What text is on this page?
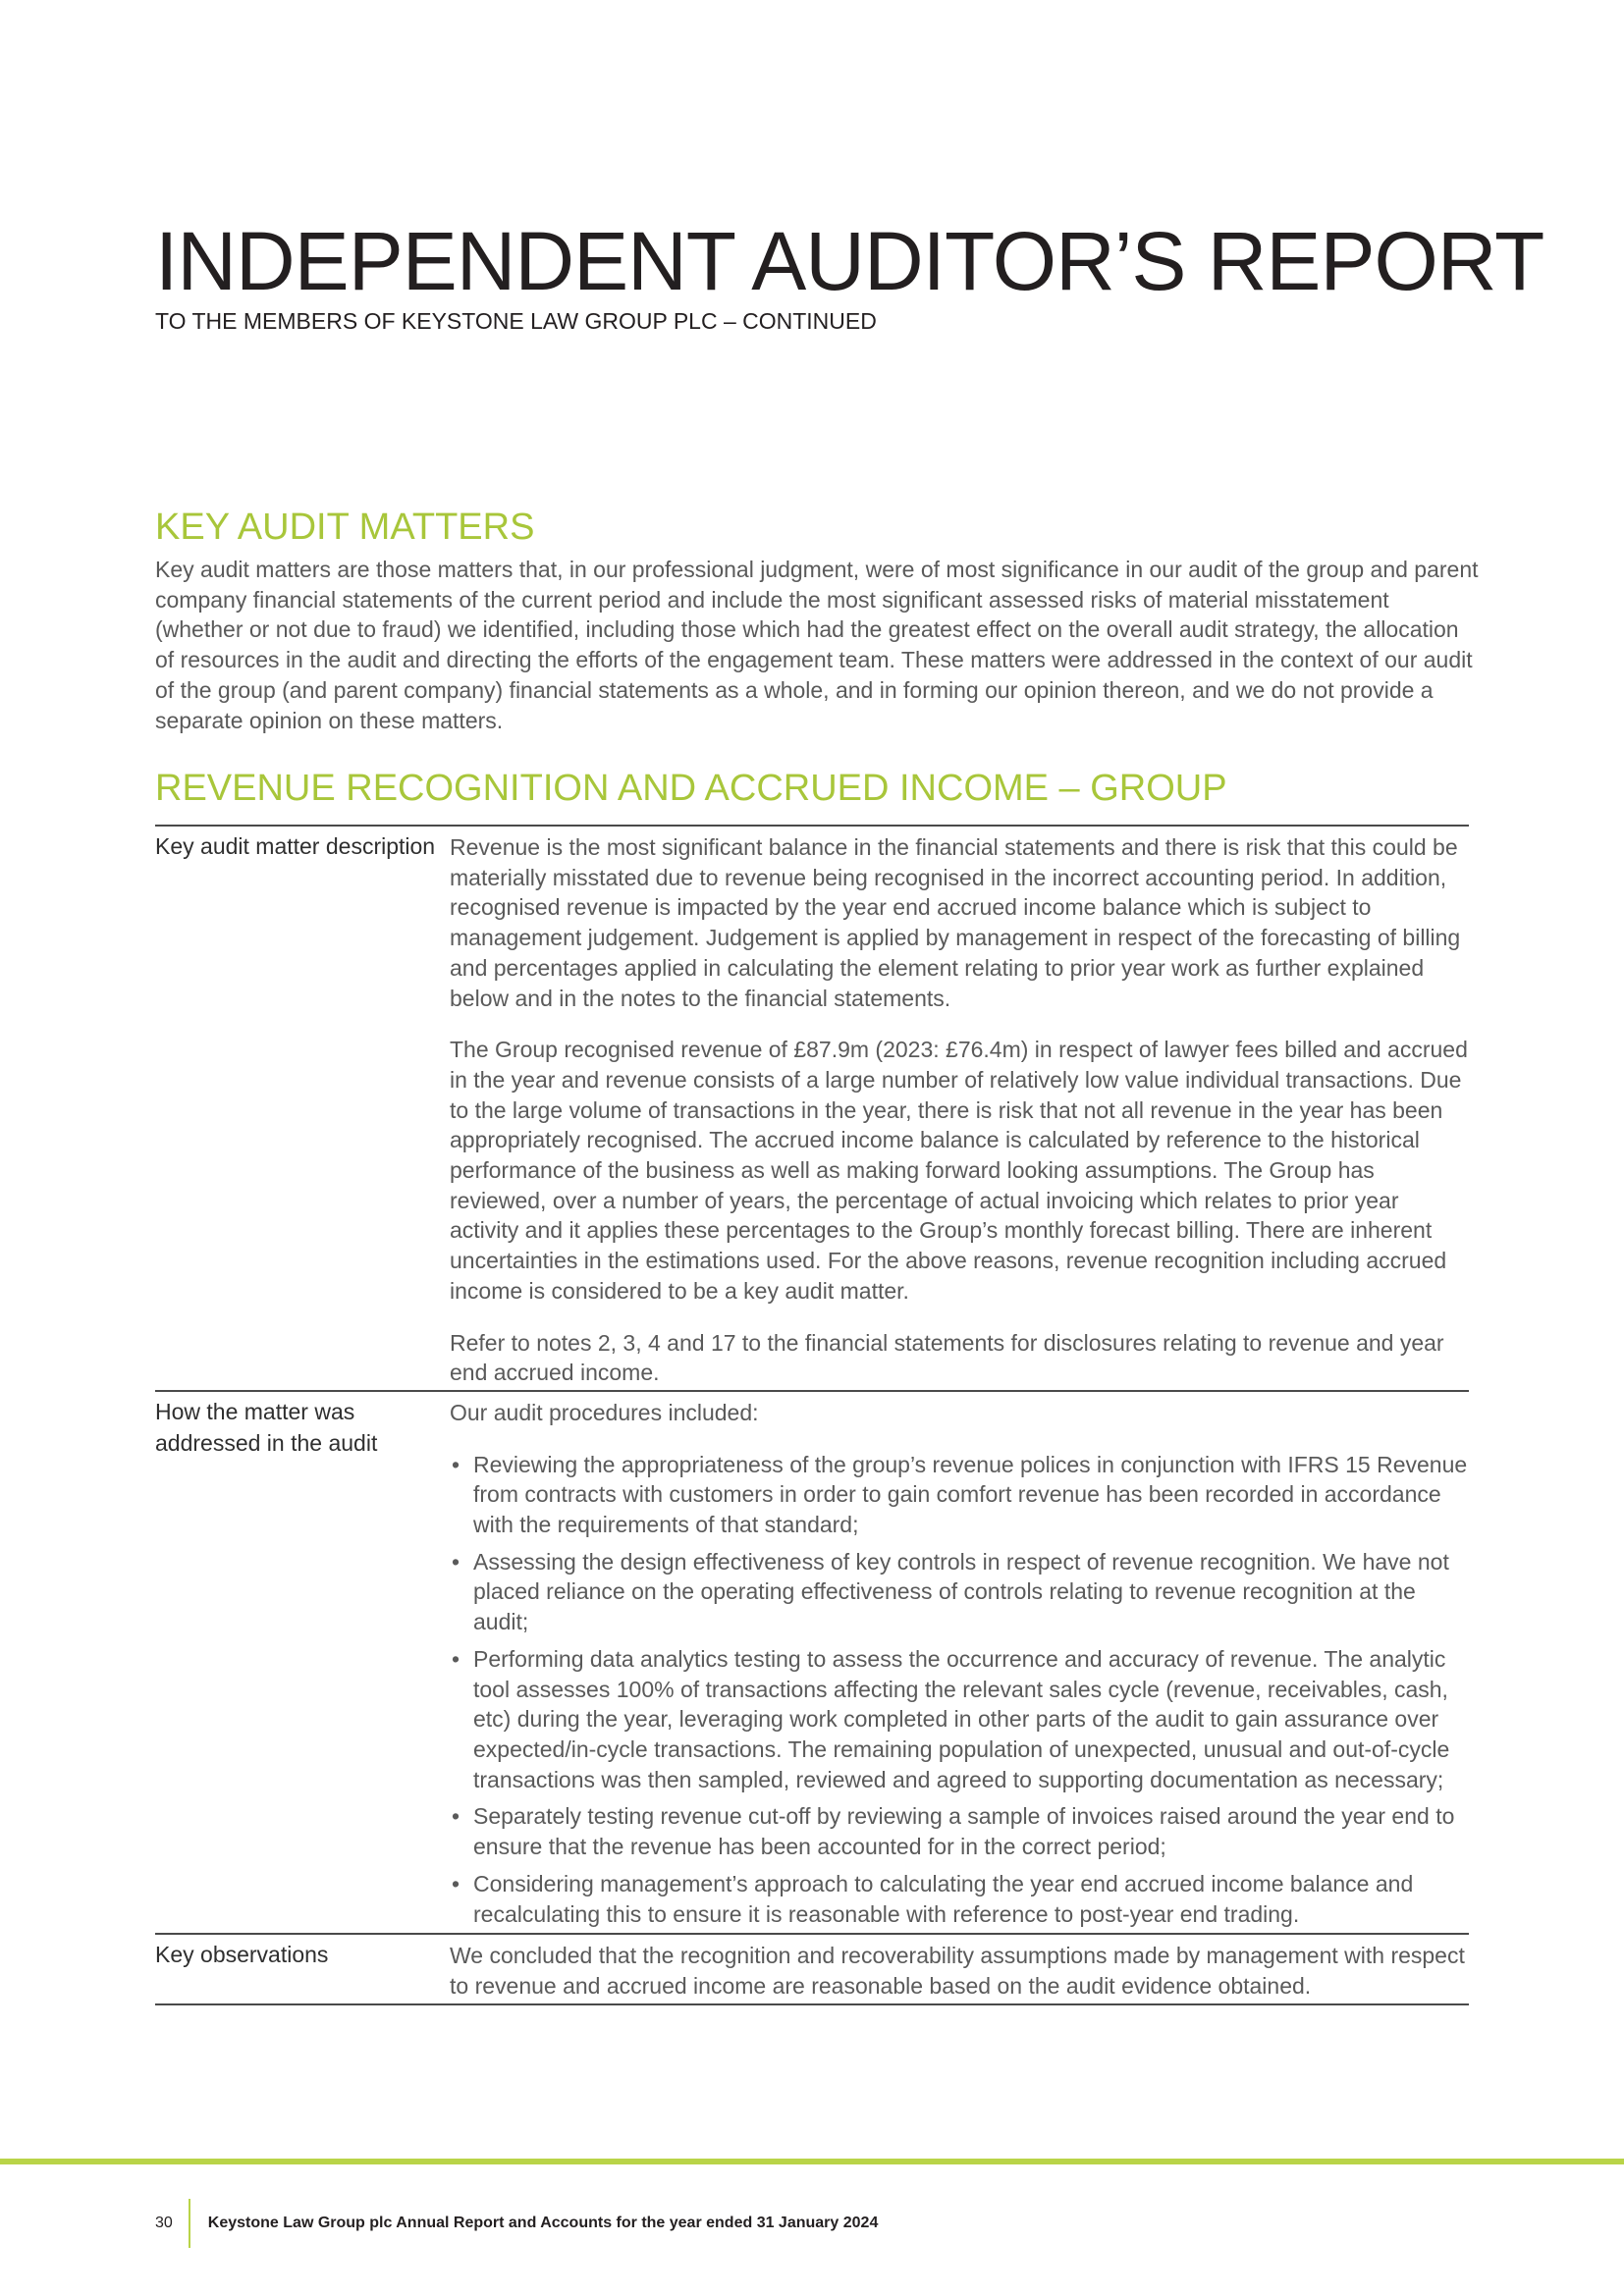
INDEPENDENT AUDITOR’S REPORT
TO THE MEMBERS OF KEYSTONE LAW GROUP PLC – CONTINUED
KEY AUDIT MATTERS

Key audit matters are those matters that, in our professional judgment, were of most significance in our audit of the group and parent company financial statements of the current period and include the most significant assessed risks of material misstatement (whether or not due to fraud) we identified, including those which had the greatest effect on the overall audit strategy, the allocation of resources in the audit and directing the efforts of the engagement team. These matters were addressed in the context of our audit of the group (and parent company) financial statements as a whole, and in forming our opinion thereon, and we do not provide a separate opinion on these matters.

REVENUE RECOGNITION AND ACCRUED INCOME – GROUP
Key audit matter description Revenue is the most significant balance in the financial statements and there is risk that this could be materially misstated due to revenue being recognised in the incorrect accounting period. In addition, recognised revenue is impacted by the year end accrued income balance which is subject to management judgement. Judgement is applied by management in respect of the forecasting of billing and percentages applied in calculating the element relating to prior year work as further explained below and in the notes to the financial statements.

The Group recognised revenue of £87.9m (2023: £76.4m) in respect of lawyer fees billed and accrued in the year and revenue consists of a large number of relatively low value individual transactions. Due to the large volume of transactions in the year, there is risk that not all revenue in the year has been appropriately recognised. The accrued income balance is calculated by reference to the historical performance of the business as well as making forward looking assumptions. The Group has reviewed, over a number of years, the percentage of actual invoicing which relates to prior year activity and it applies these percentages to the Group’s monthly forecast billing. There are inherent uncertainties in the estimations used. For the above reasons, revenue recognition including accrued income is considered to be a key audit matter.

Refer to notes 2, 3, 4 and 17 to the financial statements for disclosures relating to revenue and year end accrued income.

How the matter was addressed in the audit

Our audit procedures included:

• Reviewing the appropriateness of the group’s revenue polices in conjunction with IFRS 15 Revenue from contracts with customers in order to gain comfort revenue has been recorded in accordance with the requirements of that standard;
• Assessing the design effectiveness of key controls in respect of revenue recognition. We have not placed reliance on the operating effectiveness of controls relating to revenue recognition at the audit;
• Performing data analytics testing to assess the occurrence and accuracy of revenue. The analytic tool assesses 100% of transactions affecting the relevant sales cycle (revenue, receivables, cash, etc) during the year, leveraging work completed in other parts of the audit to gain assurance over expected/in-cycle transactions. The remaining population of unexpected, unusual and out-of-cycle transactions was then sampled, reviewed and agreed to supporting documentation as necessary;
• Separately testing revenue cut-off by reviewing a sample of invoices raised around the year end to ensure that the revenue has been accounted for in the correct period;
• Considering management’s approach to calculating the year end accrued income balance and recalculating this to ensure it is reasonable with reference to post-year end trading.
Key observations	We concluded that the recognition and recoverability assumptions made by management with respect to revenue and accrued income are reasonable based on the audit evidence obtained.

30	Keystone Law Group plc Annual Report and Accounts for the year ended 31 January 2024
